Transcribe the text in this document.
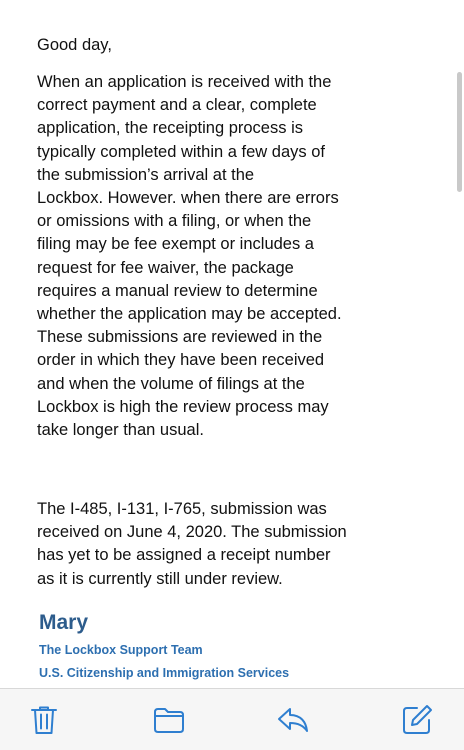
Good day,

When an application is received with the
correct payment and a clear, complete
application, the receipting process is
typically completed within a few days of
the submission’s arrival at the
Lockbox. However. when there are errors
or omissions with a filing, or when the
filing may be fee exempt or includes a
request for fee waiver, the package
requires a manual review to determine
whether the application may be accepted.
These submissions are reviewed in the
order in which they have been received
and when the volume of filings at the
Lockbox is high the review process may
take longer than usual.

The I-485, I-131, I-765, submission was
received on June 4, 2020. The submission
has yet to be assigned a receipt number
as it is currently still under review.

Mary

The Lockbox Support Team

U.S. Citizenship and Immigration Services
